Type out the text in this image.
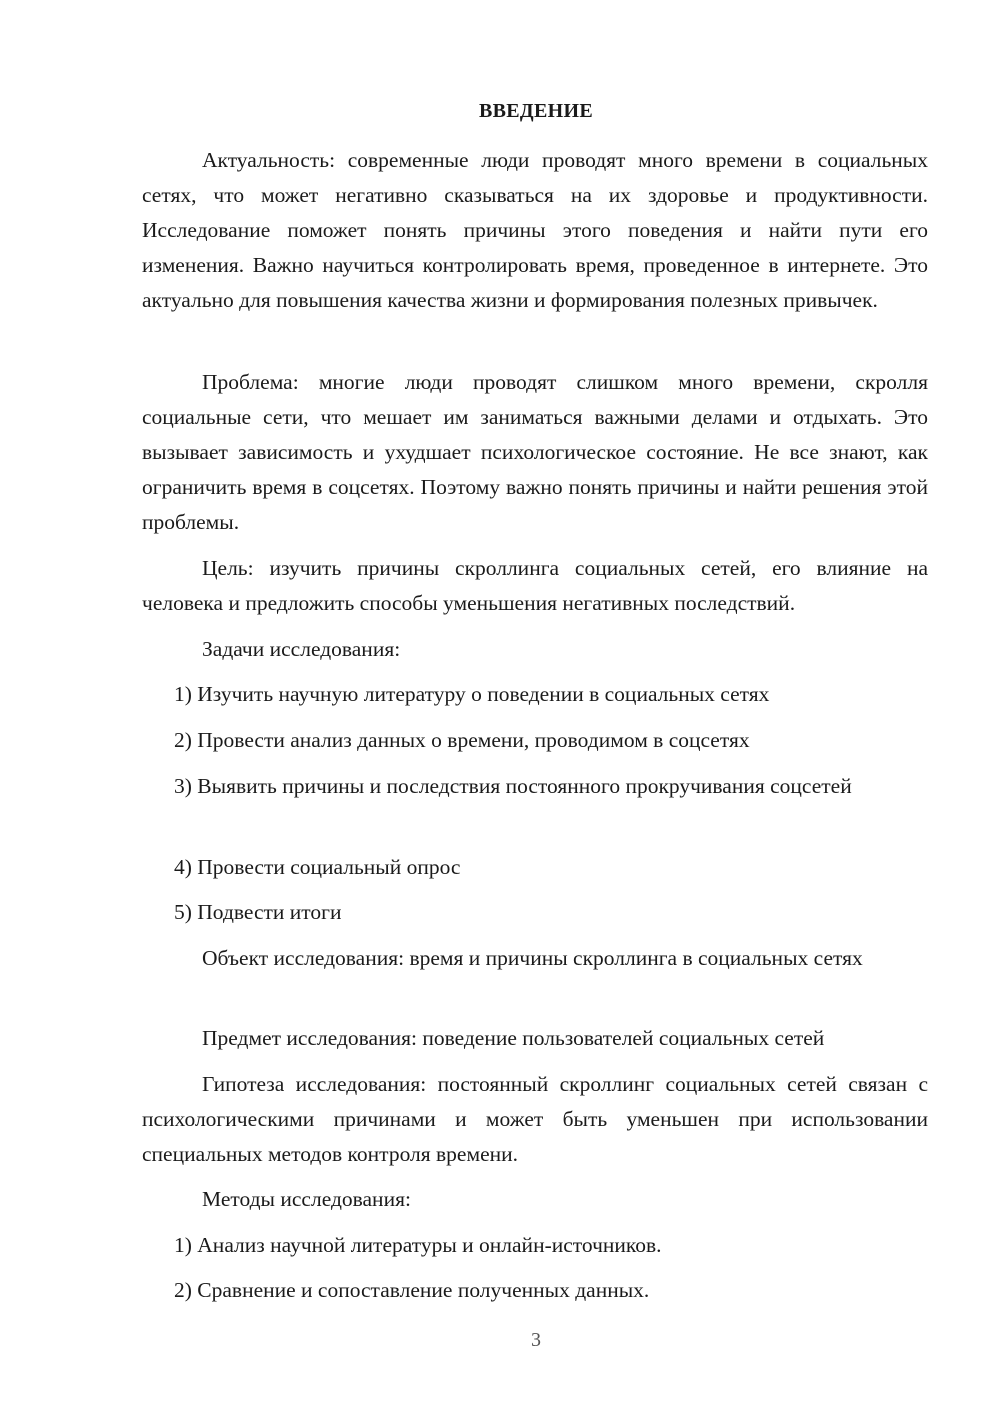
ВВЕДЕНИЕ
Актуальность: современные люди проводят много времени в социальных сетях, что может негативно сказываться на их здоровье и продуктивности. Исследование поможет понять причины этого поведения и найти пути его изменения. Важно научиться контролировать время, проведенное в интернете. Это актуально для повышения качества жизни и формирования полезных привычек.
Проблема: многие люди проводят слишком много времени, скролля социальные сети, что мешает им заниматься важными делами и отдыхать. Это вызывает зависимость и ухудшает психологическое состояние. Не все знают, как ограничить время в соцсетях. Поэтому важно понять причины и найти решения этой проблемы.
Цель: изучить причины скроллинга социальных сетей, его влияние на человека и предложить способы уменьшения негативных последствий.
Задачи исследования:
1) Изучить научную литературу о поведении в социальных сетях
2) Провести анализ данных о времени, проводимом в соцсетях
3) Выявить причины и последствия постоянного прокручивания соцсетей
4) Провести социальный опрос
5) Подвести итоги
Объект исследования: время и причины скроллинга в социальных сетях
Предмет исследования: поведение пользователей социальных сетей
Гипотеза исследования: постоянный скроллинг социальных сетей связан с психологическими причинами и может быть уменьшен при использовании специальных методов контроля времени.
Методы исследования:
1) Анализ научной литературы и онлайн-источников.
2) Сравнение и сопоставление полученных данных.
3
